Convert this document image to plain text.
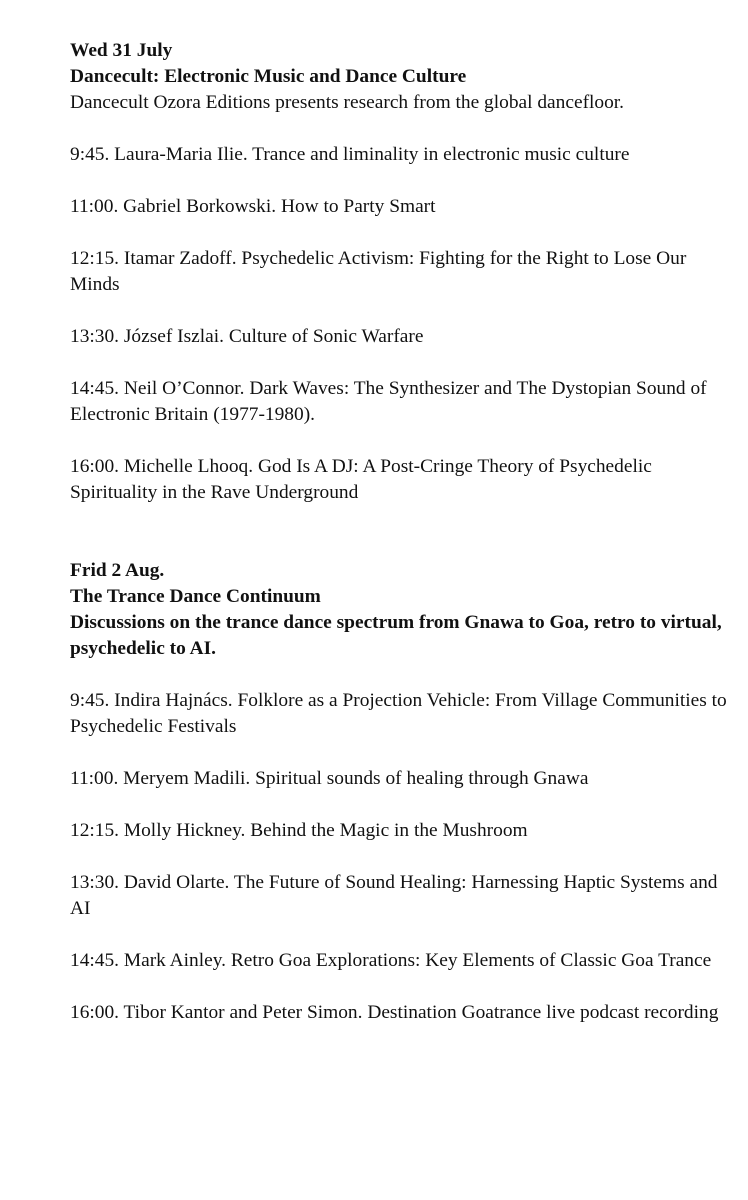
Wed 31 July
Dancecult: Electronic Music and Dance Culture
Dancecult Ozora Editions presents research from the global dancefloor.
9:45. Laura-Maria Ilie. Trance and liminality in electronic music culture
11:00. Gabriel Borkowski. How to Party Smart
12:15. Itamar Zadoff. Psychedelic Activism: Fighting for the Right to Lose Our Minds
13:30. József Iszlai. Culture of Sonic Warfare
14:45. Neil O’Connor. Dark Waves: The Synthesizer and The Dystopian Sound of Electronic Britain (1977-1980).
16:00. Michelle Lhooq. God Is A DJ: A Post-Cringe Theory of Psychedelic Spirituality in the Rave Underground
Frid 2 Aug.
The Trance Dance Continuum
Discussions on the trance dance spectrum from Gnawa to Goa, retro to virtual, psychedelic to AI.
9:45. Indira Hajnács. Folklore as a Projection Vehicle: From Village Communities to Psychedelic Festivals
11:00. Meryem Madili. Spiritual sounds of healing through Gnawa
12:15. Molly Hickney. Behind the Magic in the Mushroom
13:30. David Olarte. The Future of Sound Healing: Harnessing Haptic Systems and AI
14:45. Mark Ainley. Retro Goa Explorations: Key Elements of Classic Goa Trance
16:00. Tibor Kantor and Peter Simon. Destination Goatrance live podcast recording
